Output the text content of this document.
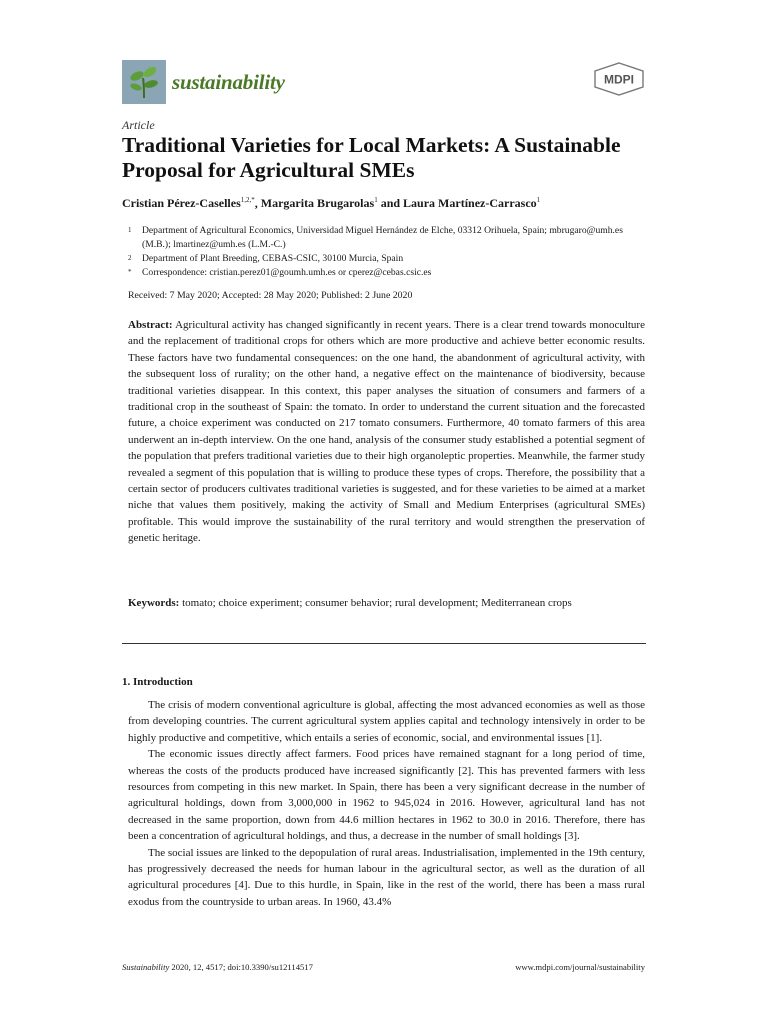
sustainability	MDPI
Article
Traditional Varieties for Local Markets: A Sustainable Proposal for Agricultural SMEs
Cristian Pérez-Caselles$^{1,2,*}$, Margarita Brugarolas$^1$ and Laura Martínez-Carrasco$^1$
1 Department of Agricultural Economics, Universidad Miguel Hernández de Elche, 03312 Orihuela, Spain; mbrugaro@umh.es (M.B.); lmartinez@umh.es (L.M.-C.)
2 Department of Plant Breeding, CEBAS-CSIC, 30100 Murcia, Spain
* Correspondence: cristian.perez01@goumh.umh.es or cperez@cebas.csic.es
Received: 7 May 2020; Accepted: 28 May 2020; Published: 2 June 2020

Abstract: Agricultural activity has changed significantly in recent years. There is a clear trend towards monoculture and the replacement of traditional crops for others which are more productive and achieve better economic results. These factors have two fundamental consequences: on the one hand, the abandonment of agricultural activity, with the subsequent loss of rurality; on the other hand, a negative effect on the maintenance of biodiversity, because traditional varieties disappear. In this context, this paper analyses the situation of consumers and farmers of a traditional crop in the southeast of Spain: the tomato. In order to understand the current situation and the forecasted future, a choice experiment was conducted on 217 tomato consumers. Furthermore, 40 tomato farmers of this area underwent an in-depth interview. On the one hand, analysis of the consumer study established a potential segment of the population that prefers traditional varieties due to their high organoleptic properties. Meanwhile, the farmer study revealed a segment of this population that is willing to produce these types of crops. Therefore, the possibility that a certain sector of producers cultivates traditional varieties is suggested, and for these varieties to be aimed at a market niche that values them positively, making the activity of Small and Medium Enterprises (agricultural SMEs) profitable. This would improve the sustainability of the rural territory and would strengthen the preservation of genetic heritage.

Keywords: tomato; choice experiment; consumer behavior; rural development; Mediterranean crops

1. Introduction

The crisis of modern conventional agriculture is global, affecting the most advanced economies as well as those from developing countries. The current agricultural system applies capital and technology intensively in order to be highly productive and competitive, which entails a series of economic, social, and environmental issues [1].

The economic issues directly affect farmers. Food prices have remained stagnant for a long period of time, whereas the costs of the products produced have increased significantly [2]. This has prevented farmers with less resources from competing in this new market. In Spain, there has been a very significant decrease in the number of agricultural holdings, down from 3,000,000 in 1962 to 945,024 in 2016. However, agricultural land has not decreased in the same proportion, down from 44.6 million hectares in 1962 to 30.0 in 2016. Therefore, there has been a concentration of agricultural holdings, and thus, a decrease in the number of small holdings [3].

The social issues are linked to the depopulation of rural areas. Industrialisation, implemented in the 19th century, has progressively decreased the needs for human labour in the agricultural sector, as well as the duration of all agricultural procedures [4]. Due to this hurdle, in Spain, like in the rest of the world, there has been a mass rural exodus from the countryside to urban areas. In 1960, 43.4%

Sustainability 2020, 12, 4517; doi:10.3390/su12114517	www.mdpi.com/journal/sustainability
